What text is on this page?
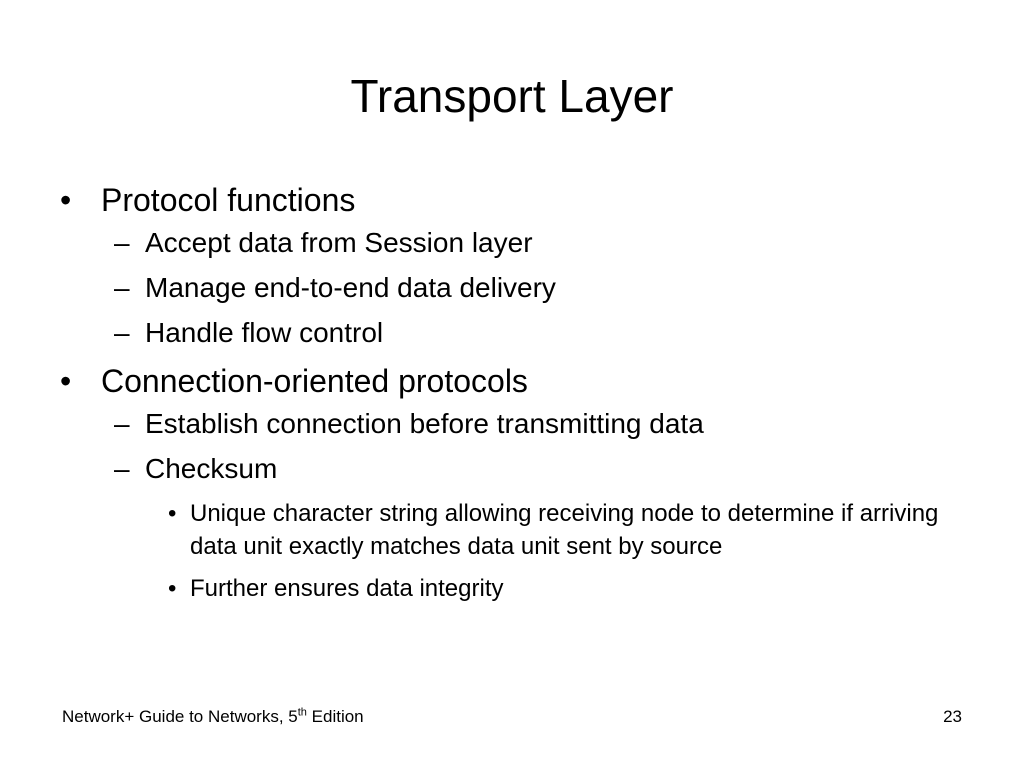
Transport Layer
• Protocol functions
– Accept data from Session layer
– Manage end-to-end data delivery
– Handle flow control
• Connection-oriented protocols
– Establish connection before transmitting data
– Checksum
• Unique character string allowing receiving node to determine if arriving data unit exactly matches data unit sent by source
• Further ensures data integrity
Network+ Guide to Networks, 5th Edition	23
